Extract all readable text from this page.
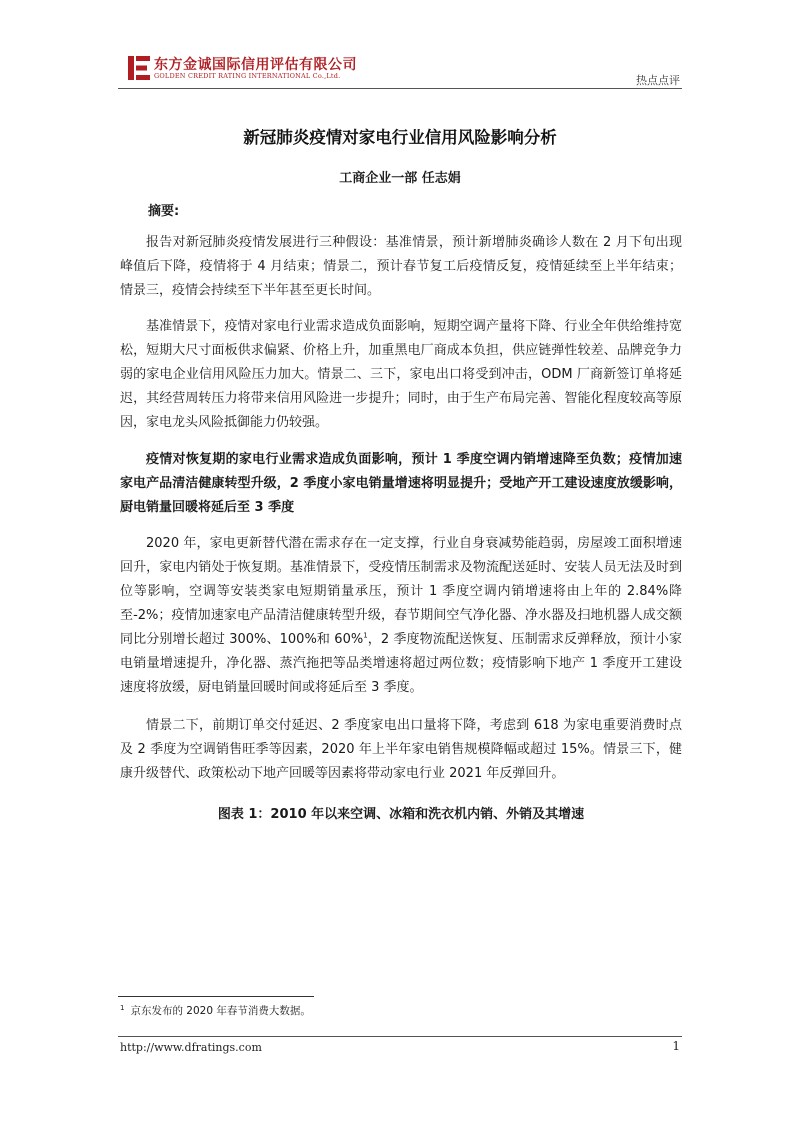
东方金诚国际信用评估有限公司
GOLDEN CREDIT RATING INTERNATIONAL Co.,Ltd.	热点点评
新冠肺炎疫情对家电行业信用风险影响分析
工商企业一部 任志娟
摘要:

报告对新冠肺炎疫情发展进行三种假设：基准情景，预计新增肺炎确诊人数在 2 月下旬出现峰值后下降，疫情将于 4 月结束；情景二，预计春节复工后疫情反复，疫情延续至上半年结束；情景三，疫情会持续至下半年甚至更长时间。

基准情景下，疫情对家电行业需求造成负面影响，短期空调产量将下降、行业全年供给维持宽松，短期大尺寸面板供求偏紧、价格上升，加重黑电厂商成本负担，供应链弹性较差、品牌竞争力弱的家电企业信用风险压力加大。情景二、三下，家电出口将受到冲击，ODM 厂商新签订单将延迟，其经营周转压力将带来信用风险进一步提升；同时，由于生产布局完善、智能化程度较高等原因，家电龙头风险抵御能力仍较强。

疫情对恢复期的家电行业需求造成负面影响，预计 1 季度空调内销增速降至负数；疫情加速家电产品清洁健康转型升级，2 季度小家电销量增速将明显提升；受地产开工建设速度放缓影响，厨电销量回暖将延后至 3 季度

2020 年，家电更新替代潜在需求存在一定支撑，行业自身衰减势能趋弱，房屋竣工面积增速回升，家电内销处于恢复期。基准情景下，受疫情压制需求及物流配送延时、安装人员无法及时到位等影响，空调等安装类家电短期销量承压，预计 1 季度空调内销增速将由上年的 2.84%降至-2%；疫情加速家电产品清洁健康转型升级，春节期间空气净化器、净水器及扫地机器人成交额同比分别增长超过 300%、100%和 60%$^1$，2 季度物流配送恢复、压制需求反弹释放，预计小家电销量增速提升，净化器、蒸汽拖把等品类增速将超过两位数；疫情影响下地产 1 季度开工建设速度将放缓，厨电销量回暖时间或将延后至 3 季度。

情景二下，前期订单交付延迟、2 季度家电出口量将下降，考虑到 618 为家电重要消费时点及 2 季度为空调销售旺季等因素，2020 年上半年家电销售规模降幅或超过 15%。情景三下，健康升级替代、政策松动下地产回暖等因素将带动家电行业 2021 年反弹回升。

图表 1：2010 年以来空调、冰箱和洗衣机内销、外销及其增速
$^1$ 京东发布的 2020 年春节消费大数据。
http://www.dfratings.com	1
